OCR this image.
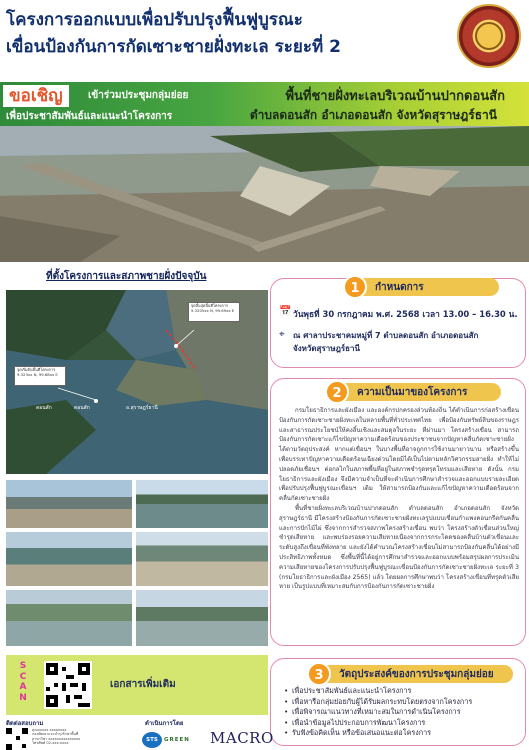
โครงการออกแบบเพื่อปรับปรุงฟื้นฟูบูรณะ
เขื่อนป้องกันการกัดเซาะชายฝั่งทะเล ระยะที่ 2
ขอเชิญ	เข้าร่วมประชุมกลุ่มย่อย
เพื่อประชาสัมพันธ์และแนะนำโครงการ
พื้นที่ชายฝั่งทะเลบริเวณบ้านปากดอนสัก
ตำบลดอนสัก อำเภอดอนสัก จังหวัดสุราษฎร์ธานี
ที่ตั้งโครงการและสภาพชายฝั่งปัจจุบัน
จุดสิ้นสุดพื้นที่โครงการ
9.3205xx N, 99.69xx E
จุดเริ่มต้นพื้นที่โครงการ
9.323xx N, 99.68xx E
ดอนสัก	ดอนสัก	อ.สุราษฎร์ธานี
1	กำหนดการ
📅 วันพุธที่ 30 กรกฎาคม พ.ศ. 2568 เวลา 13.00 – 16.30 น.
⌖ ณ ศาลาประชาคมหมู่ที่ 7 ตำบลดอนสัก อำเภอดอนสัก
จังหวัดสุราษฎร์ธานี
2	ความเป็นมาของโครงการ

กรมโยธาธิการและผังเมือง และองค์กรปกครองส่วนท้องถิ่น ได้ดำเนินการก่อสร้างเขื่อนป้องกันการกัดเซาะชายฝั่งทะเลในหลายพื้นที่ทั่วประเทศไทย เพื่อป้องกันทรัพย์สินของราษฎรและสาธารณประโยชน์ให้คงสิ้นเชิงและสมดุลในระยะ ที่ผ่านมา โครงสร้างเขื่อน สามารถป้องกันการกัดเซาะแก้ไขปัญหาความเดือดร้อนของประชาชนจากปัญหาคลื่นกัดเซาะชายฝั่งได้ตามวัตถุประสงค์ หากแต่เขื่อนฯ ในบางพื้นที่อาจถูกการใช้งานมายาวนาน หรือสร้างขึ้นเพื่อบรรเทาปัญหาความเดือดร้อนเฉียงด่วนโดยมิได้เป็นไปตามหลักวิศวกรรมสายฝั่ง ทำให้ไม่ปลอดภัยเชื่อนฯ ต่อกลไกในสภาพพื้นที่อยู่ในสภาพชำรุดทรุดโทรมและเสียหาย ดังนั้น กรมโยธาธิการและผังเมือง จึงมีความจำเป็นที่จะดำเนินการศึกษาสำรวจและออกแบบรายละเอียดเพื่อปรับปรุงฟื้นฟูบูรณะเขื่อนฯ เดิม ให้สามารถป้องกันและแก้ไขปัญหาความเดือดร้อนจากคลื่นกัดเซาะชายฝั่ง

พื้นที่ชายฝั่งทะเลบริเวณบ้านปากดอนสัก ตำบลดอนสัก อำเภอดอนสัก จังหวัดสุราษฎร์ธานี มีโครงสร้างป้องกันการกัดเซาะชายฝั่งทะเลรูปแบบเขื่อนกำแพงคอนกรีตกันคลื่น และการปักไม้ไผ่ ซึ่งจากการสำรวจสภาพโครงสร้างเขื่อน พบว่า โครงสร้างตัวเขื่อนส่วนใหญ่ชำรุดเสียหาย และพบร่องรอยความเสียหายเนื่องจากการกระโดดของคลื่นบ้านตัวเขื่อนและระดับสูงถึงเขื่อนที่พังทลาย และยังได้คำนวณโครงสร้างเขื่อนไม่สามารถป้องกันคลื่นได้อย่างมีประสิทธิภาพทั้งหมด ซึ่งพื้นที่นี้ได้อยู่การศึกษาสำรวจและออกแบบพร้อมสรุปผลการประเมินความเสียหายของโครงการปรับปรุงฟื้นฟูบูรณะเขื่อนป้องกันการกัดเซาะชายฝั่งทะเล ระยะที่ 3 (กรมโยธาธิการและผังเมือง 2565) แล้ว โดยผลการศึกษาพบว่า โครงสร้างเขื่อนที่ทรุดตัวเสียหาย เป็นรูปแบบที่เหมาะสมกับการป้องกันการกัดเซาะชายฝั่ง

3	วัตถุประสงค์ของการประชุมกลุ่มย่อย
• เพื่อประชาสัมพันธ์และแนะนำโครงการ
• เพื่อหารือกลุ่มย่อยกับผู้ได้รับผลกระทบโดยตรงจากโครงการ
• เพื่อพิจารณาแนวทางที่เหมาะสมในการดำเนินโครงการ
• เพื่อนำข้อมูลไปประกอบการพัฒนาโครงการ
• รับฟังข้อคิดเห็น หรือข้อเสนอแนะต่อโครงการ
S
C
A
N
เอกสารเพิ่มเติม
ติดต่อสอบถาม
คุณxxxxx xxxxxxxx
กองพัฒนาและบำรุงรักษาพื้นที่
สาขาวิชา xxxxxxxxxxxxxxx
โทรศัพท์ 02-xxx-xxxx
ดำเนินการโดย
STS	GREEN MACRO
